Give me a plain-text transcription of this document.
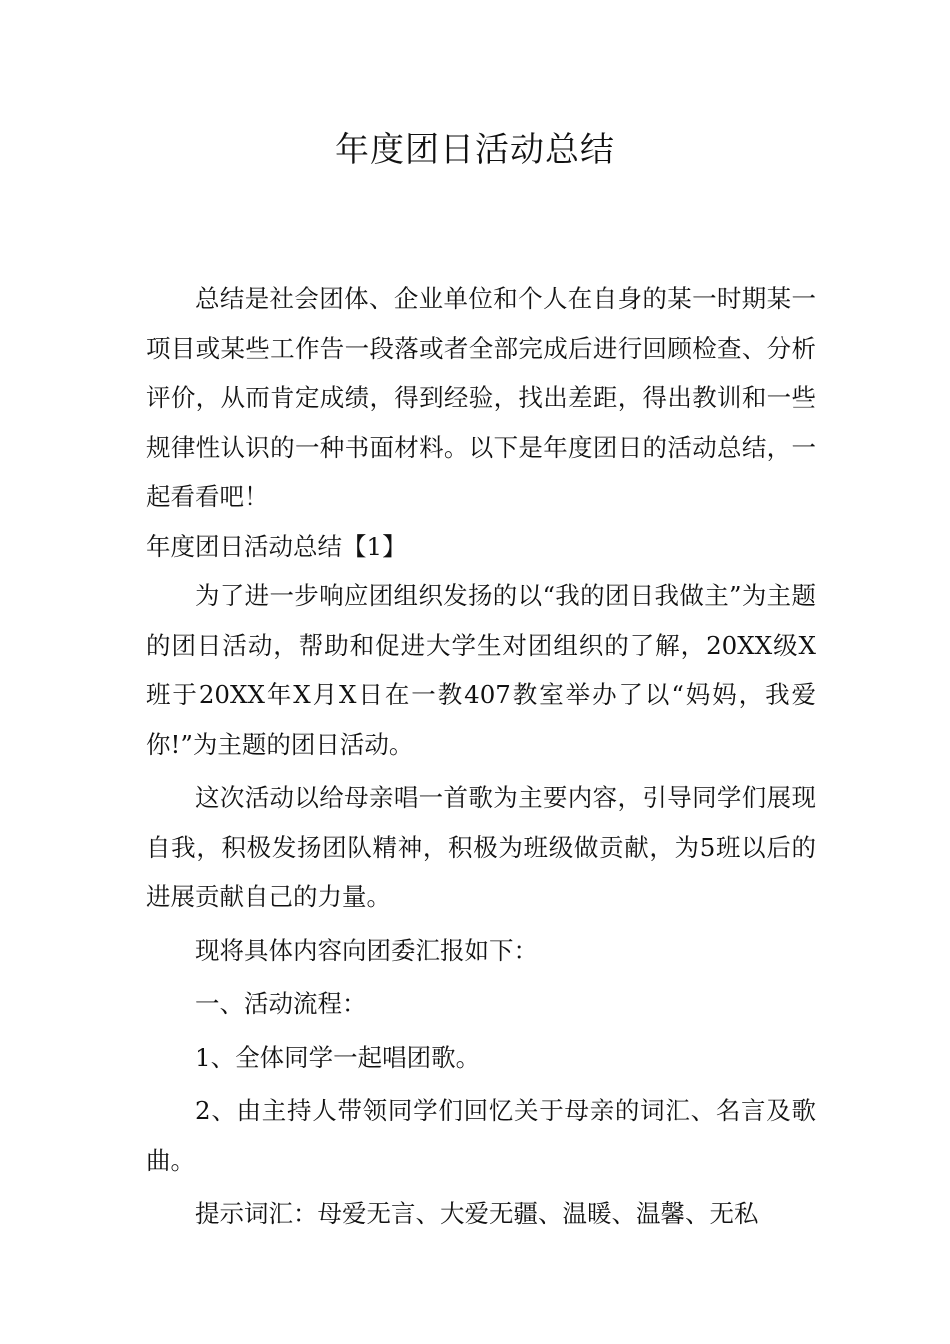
年度团日活动总结

总结是社会团体、企业单位和个人在自身的某一时期某一项目或某些工作告一段落或者全部完成后进行回顾检查、分析评价，从而肯定成绩，得到经验，找出差距，得出教训和一些规律性认识的一种书面材料。以下是年度团日的活动总结，一起看看吧！

年度团日活动总结【1】

为了进一步响应团组织发扬的以“我的团日我做主”为主题的团日活动，帮助和促进大学生对团组织的了解，20XX级X班于20XX年X月X日在一教407教室举办了以“妈妈，我爱你!”为主题的团日活动。

这次活动以给母亲唱一首歌为主要内容，引导同学们展现自我，积极发扬团队精神，积极为班级做贡献，为5班以后的进展贡献自己的力量。

现将具体内容向团委汇报如下：

一、活动流程：

1、全体同学一起唱团歌。

2、由主持人带领同学们回忆关于母亲的词汇、名言及歌曲。

提示词汇：母爱无言、大爱无疆、温暖、温馨、无私
